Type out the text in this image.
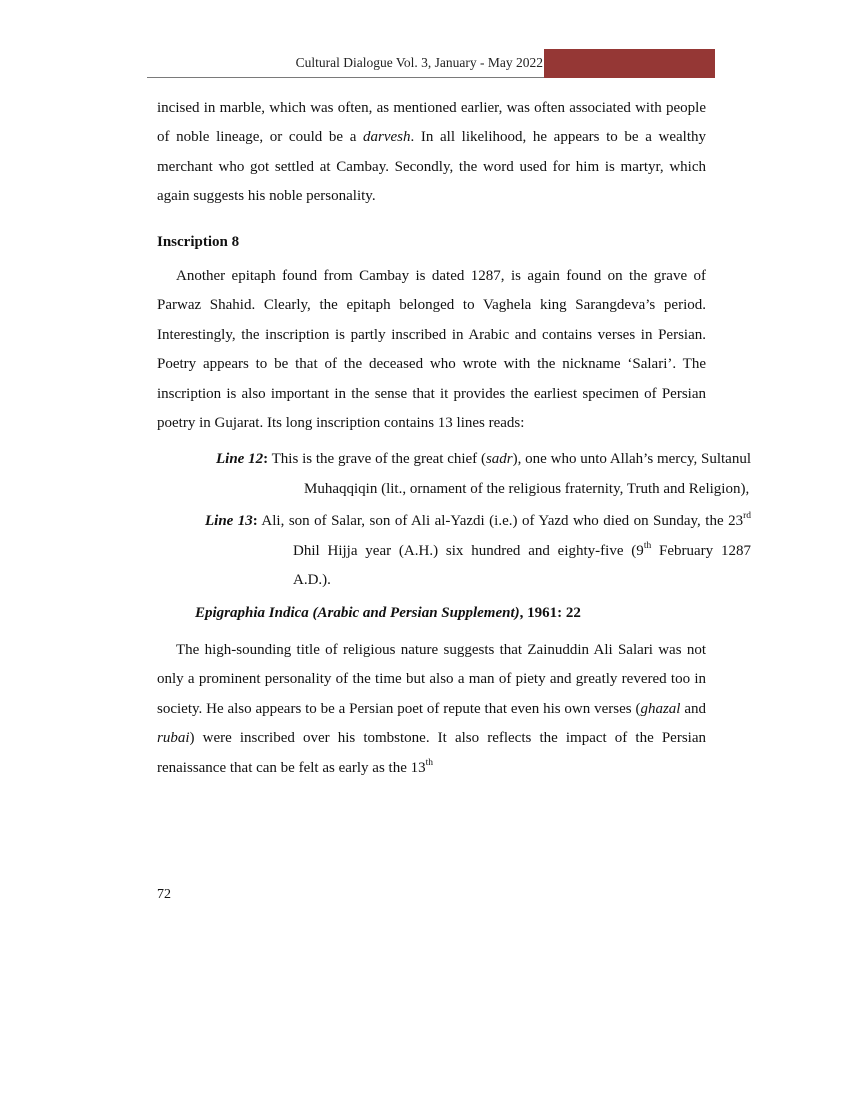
Cultural Dialogue Vol. 3, January - May 2022

incised in marble, which was often, as mentioned earlier, was often associated with people of noble lineage, or could be a darvesh. In all likelihood, he appears to be a wealthy merchant who got settled at Cambay. Secondly, the word used for him is martyr, which again suggests his noble personality.

Inscription 8

Another epitaph found from Cambay is dated 1287, is again found on the grave of Parwaz Shahid. Clearly, the epitaph belonged to Vaghela king Sarangdeva’s period. Interestingly, the inscription is partly inscribed in Arabic and contains verses in Persian. Poetry appears to be that of the deceased who wrote with the nickname ‘Salari’. The inscription is also important in the sense that it provides the earliest specimen of Persian poetry in Gujarat. Its long inscription contains 13 lines reads:

Line 12: This is the grave of the great chief (sadr), one who unto Allah’s mercy, Sultanul Muhaqqiqin (lit., ornament of the religious fraternity, Truth and Religion),
Line 13: Ali, son of Salar, son of Ali al-Yazdi (i.e.) of Yazd who died on Sunday, the 23rd Dhil Hijja year (A.H.) six hundred and eighty-five (9th February 1287 A.D.).

Epigraphia Indica (Arabic and Persian Supplement), 1961: 22

The high-sounding title of religious nature suggests that Zainuddin Ali Salari was not only a prominent personality of the time but also a man of piety and greatly revered too in society. He also appears to be a Persian poet of repute that even his own verses (ghazal and rubai) were inscribed over his tombstone. It also reflects the impact of the Persian renaissance that can be felt as early as the 13th

72
